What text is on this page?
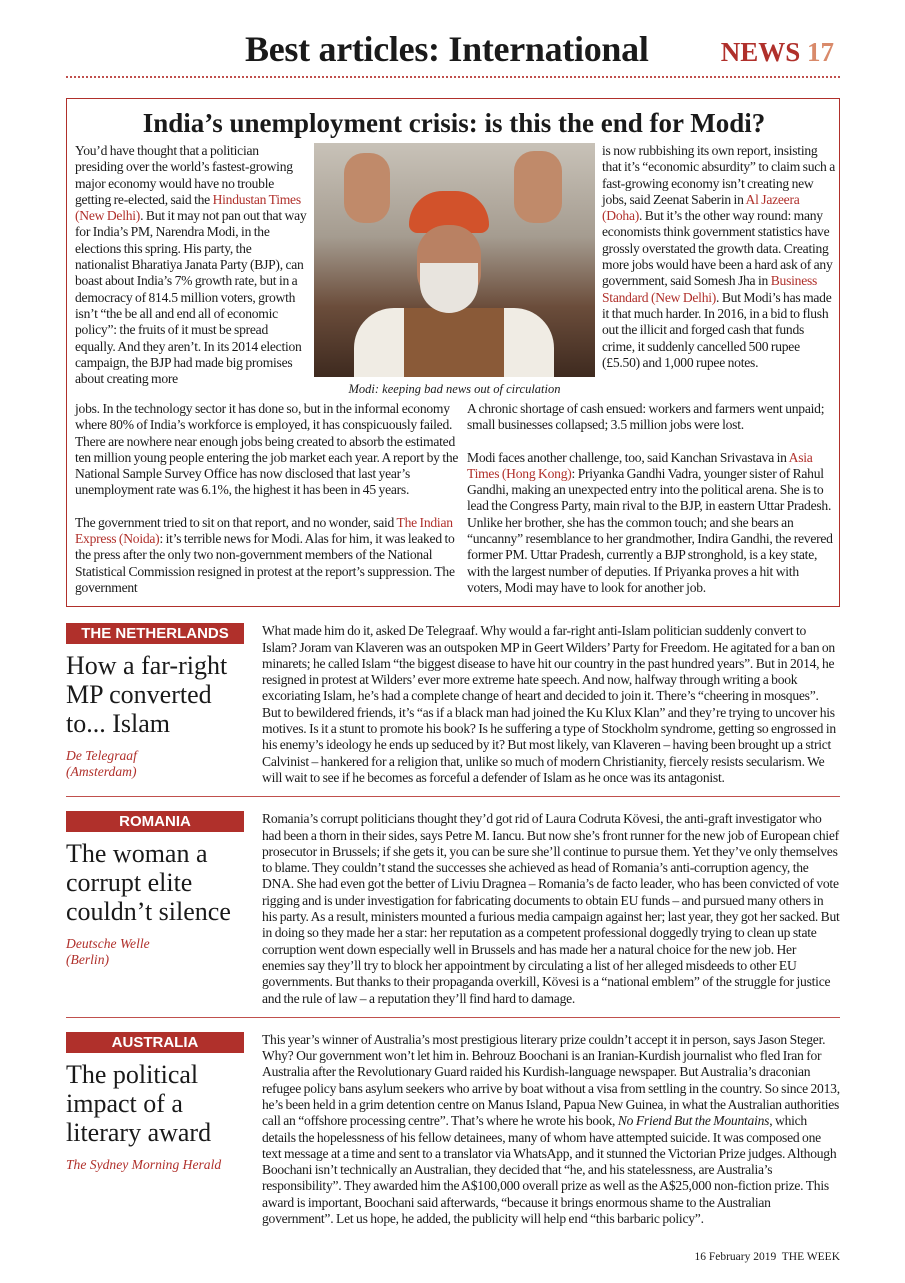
Best articles: International	NEWS 17
India’s unemployment crisis: is this the end for Modi?
You’d have thought that a politician presiding over the world’s fastest-growing major economy would have no trouble getting re-elected, said the Hindustan Times (New Delhi). But it may not pan out that way for India’s PM, Narendra Modi, in the elections this spring. His party, the nationalist Bharatiya Janata Party (BJP), can boast about India’s 7% growth rate, but in a democracy of 814.5 million voters, growth isn’t “the be all and end all of economic policy”: the fruits of it must be spread equally. And they aren’t. In its 2014 election campaign, the BJP had made big promises about creating more
Modi: keeping bad news out of circulation
is now rubbishing its own report, insisting that it’s “economic absurdity” to claim such a fast-growing economy isn’t creating new jobs, said Zeenat Saberin in Al Jazeera (Doha). But it’s the other way round: many economists think government statistics have grossly overstated the growth data. Creating more jobs would have been a hard ask of any government, said Somesh Jha in Business Standard (New Delhi). But Modi’s has made it that much harder. In 2016, in a bid to flush out the illicit and forged cash that funds crime, it suddenly cancelled 500 rupee (£5.50) and 1,000 rupee notes.

jobs. In the technology sector it has done so, but in the informal economy where 80% of India’s workforce is employed, it has conspicuously failed. There are nowhere near enough jobs being created to absorb the estimated ten million young people entering the job market each year. A report by the National Sample Survey Office has now disclosed that last year’s unemployment rate was 6.1%, the highest it has been in 45 years.

The government tried to sit on that report, and no wonder, said The Indian Express (Noida): it’s terrible news for Modi. Alas for him, it was leaked to the press after the only two non-government members of the National Statistical Commission resigned in protest at the report’s suppression. The government

A chronic shortage of cash ensued: workers and farmers went unpaid; small businesses collapsed; 3.5 million jobs were lost.

Modi faces another challenge, too, said Kanchan Srivastava in Asia Times (Hong Kong): Priyanka Gandhi Vadra, younger sister of Rahul Gandhi, making an unexpected entry into the political arena. She is to lead the Congress Party, main rival to the BJP, in eastern Uttar Pradesh. Unlike her brother, she has the common touch; and she bears an “uncanny” resemblance to her grandmother, Indira Gandhi, the revered former PM. Uttar Pradesh, currently a BJP stronghold, is a key state, with the largest number of deputies. If Priyanka proves a hit with voters, Modi may have to look for another job.

THE NETHERLANDS
How a far-right MP converted to... Islam
De Telegraaf (Amsterdam)
What made him do it, asked De Telegraaf. Why would a far-right anti-Islam politician suddenly convert to Islam? Joram van Klaveren was an outspoken MP in Geert Wilders’ Party for Freedom. He agitated for a ban on minarets; he called Islam “the biggest disease to have hit our country in the past hundred years”. But in 2014, he resigned in protest at Wilders’ ever more extreme hate speech. And now, halfway through writing a book excoriating Islam, he’s had a complete change of heart and decided to join it. There’s “cheering in mosques”. But to bewildered friends, it’s “as if a black man had joined the Ku Klux Klan” and they’re trying to uncover his motives. Is it a stunt to promote his book? Is he suffering a type of Stockholm syndrome, getting so engrossed in his enemy’s ideology he ends up seduced by it? But most likely, van Klaveren – having been brought up a strict Calvinist – hankered for a religion that, unlike so much of modern Christianity, fiercely resists secularism. We will wait to see if he becomes as forceful a defender of Islam as he once was its antagonist.
ROMANIA
The woman a corrupt elite couldn’t silence
Deutsche Welle (Berlin)
Romania’s corrupt politicians thought they’d got rid of Laura Codruta Kövesi, the anti-graft investigator who had been a thorn in their sides, says Petre M. Iancu. But now she’s front runner for the new job of European chief prosecutor in Brussels; if she gets it, you can be sure she’ll continue to pursue them. Yet they’ve only themselves to blame. They couldn’t stand the successes she achieved as head of Romania’s anti-corruption agency, the DNA. She had even got the better of Liviu Dragnea – Romania’s de facto leader, who has been convicted of vote rigging and is under investigation for fabricating documents to obtain EU funds – and pursued many others in his party. As a result, ministers mounted a furious media campaign against her; last year, they got her sacked. But in doing so they made her a star: her reputation as a competent professional doggedly trying to clean up state corruption went down especially well in Brussels and has made her a natural choice for the new job. Her enemies say they’ll try to block her appointment by circulating a list of her alleged misdeeds to other EU governments. But thanks to their propaganda overkill, Kövesi is a “national emblem” of the struggle for justice and the rule of law – a reputation they’ll find hard to damage.
AUSTRALIA
The political impact of a literary award
The Sydney Morning Herald
This year’s winner of Australia’s most prestigious literary prize couldn’t accept it in person, says Jason Steger. Why? Our government won’t let him in. Behrouz Boochani is an Iranian-Kurdish journalist who fled Iran for Australia after the Revolutionary Guard raided his Kurdish-language newspaper. But Australia’s draconian refugee policy bans asylum seekers who arrive by boat without a visa from settling in the country. So since 2013, he’s been held in a grim detention centre on Manus Island, Papua New Guinea, in what the Australian authorities call an “offshore processing centre”. That’s where he wrote his book, No Friend But the Mountains, which details the hopelessness of his fellow detainees, many of whom have attempted suicide. It was composed one text message at a time and sent to a translator via WhatsApp, and it stunned the Victorian Prize judges. Although Boochani isn’t technically an Australian, they decided that “he, and his statelessness, are Australia’s responsibility”. They awarded him the A$100,000 overall prize as well as the A$25,000 non-fiction prize. This award is important, Boochani said afterwards, “because it brings enormous shame to the Australian government”. Let us hope, he added, the publicity will help end “this barbaric policy”.
16 February 2019 THE WEEK
